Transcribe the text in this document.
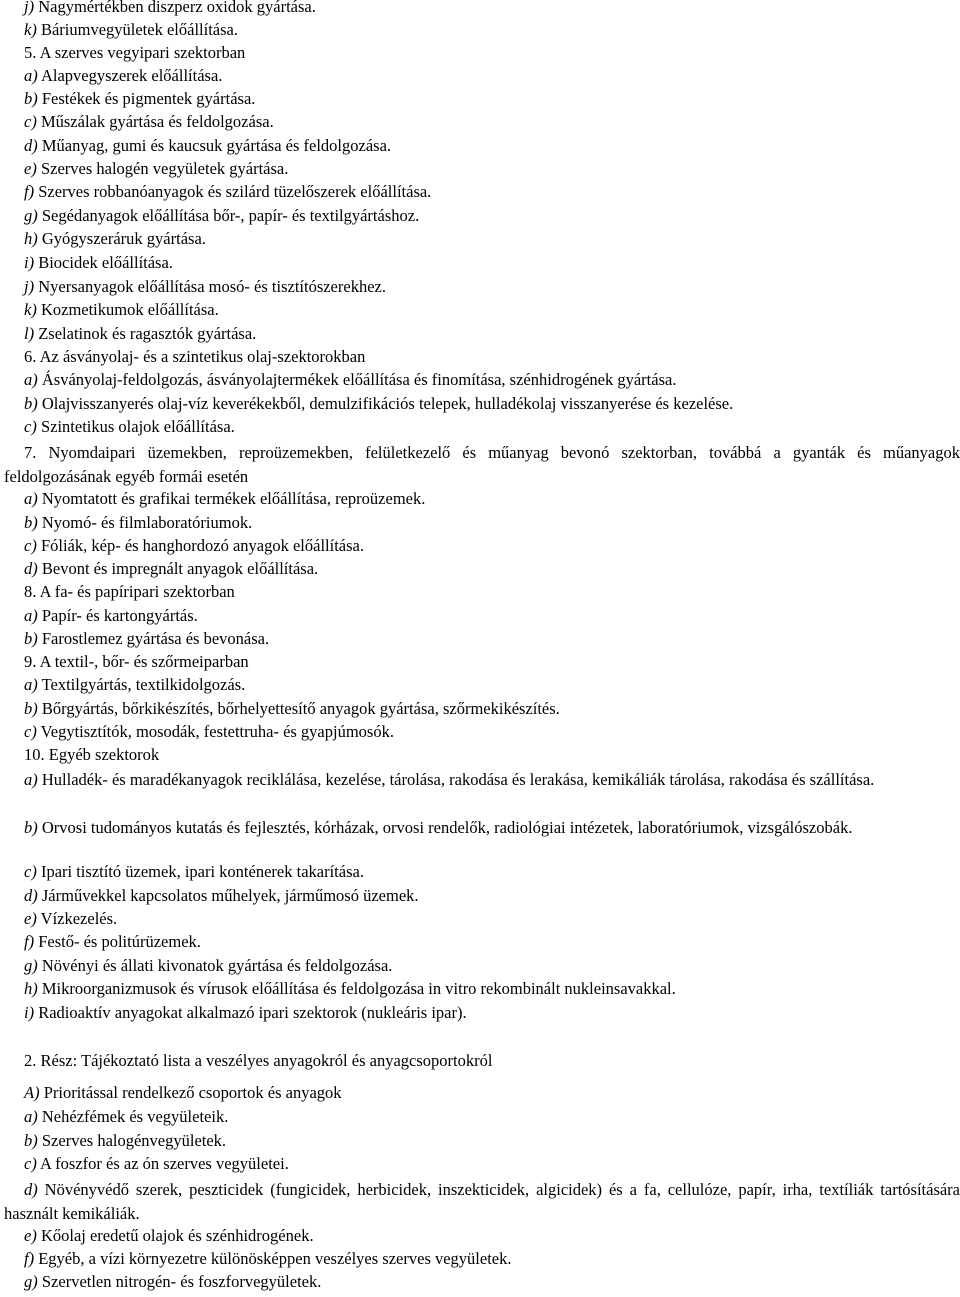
j) Nagymértékben diszperz oxidok gyártása.
k) Báriumvegyületek előállítása.
5. A szerves vegyipari szektorban
a) Alapvegyszerek előállítása.
b) Festékek és pigmentek gyártása.
c) Műszálak gyártása és feldolgozása.
d) Műanyag, gumi és kaucsuk gyártása és feldolgozása.
e) Szerves halogén vegyületek gyártása.
f) Szerves robbanóanyagok és szilárd tüzelőszerek előállítása.
g) Segédanyagok előállítása bőr-, papír- és textilgyártáshoz.
h) Gyógyszeráruk gyártása.
i) Biocidek előállítása.
j) Nyersanyagok előállítása mosó- és tisztítószerekhez.
k) Kozmetikumok előállítása.
l) Zselatinok és ragasztók gyártása.
6. Az ásványolaj- és a szintetikus olaj-szektorokban
a) Ásványolaj-feldolgozás, ásványolajtermékek előállítása és finomítása, szénhidrogének gyártása.
b) Olajvisszanyerés olaj-víz keverékekből, demulzifikációs telepek, hulladékolaj visszanyerése és kezelése.
c) Szintetikus olajok előállítása.
7. Nyomdaipari üzemekben, reproüzemekben, felületkezelő és műanyag bevonó szektorban, továbbá a gyanták és műanyagok feldolgozásának egyéb formái esetén
a) Nyomtatott és grafikai termékek előállítása, reproüzemek.
b) Nyomó- és filmlaboratóriumok.
c) Fóliák, kép- és hanghordozó anyagok előállítása.
d) Bevont és impregnált anyagok előállítása.
8. A fa- és papíripari szektorban
a) Papír- és kartongyártás.
b) Farostlemez gyártása és bevonása.
9. A textil-, bőr- és szőrmeiparban
a) Textilgyártás, textilkidolgozás.
b) Bőrgyártás, bőrkikészítés, bőrhelyettesítő anyagok gyártása, szőrmekikészítés.
c) Vegytisztítók, mosodák, festettruha- és gyapjúmosók.
10. Egyéb szektorok
a) Hulladék- és maradékanyagok reciklálása, kezelése, tárolása, rakodása és lerakása, kemikáliák tárolása, rakodása és szállítása.
b) Orvosi tudományos kutatás és fejlesztés, kórházak, orvosi rendelők, radiológiai intézetek, laboratóriumok, vizsgálószobák.
c) Ipari tisztító üzemek, ipari konténerek takarítása.
d) Járművekkel kapcsolatos műhelyek, járműmosó üzemek.
e) Vízkezelés.
f) Festő- és politúrüzemek.
g) Növényi és állati kivonatok gyártása és feldolgozása.
h) Mikroorganizmusok és vírusok előállítása és feldolgozása in vitro rekombinált nukleinsavakkal.
i) Radioaktív anyagokat alkalmazó ipari szektorok (nukleáris ipar).
2. Rész: Tájékoztató lista a veszélyes anyagokról és anyagcsoportokról
A) Prioritással rendelkező csoportok és anyagok
a) Nehézfémek és vegyületeik.
b) Szerves halogénvegyületek.
c) A foszfor és az ón szerves vegyületei.
d) Növényvédő szerek, peszticidek (fungicidek, herbicidek, inszekticidek, algicidek) és a fa, cellulóze, papír, irha, textíliák tartósítására használt kemikáliák.
e) Kőolaj eredetű olajok és szénhidrogének.
f) Egyéb, a vízi környezetre különösképpen veszélyes szerves vegyületek.
g) Szervetlen nitrogén- és foszforvegyületek.
